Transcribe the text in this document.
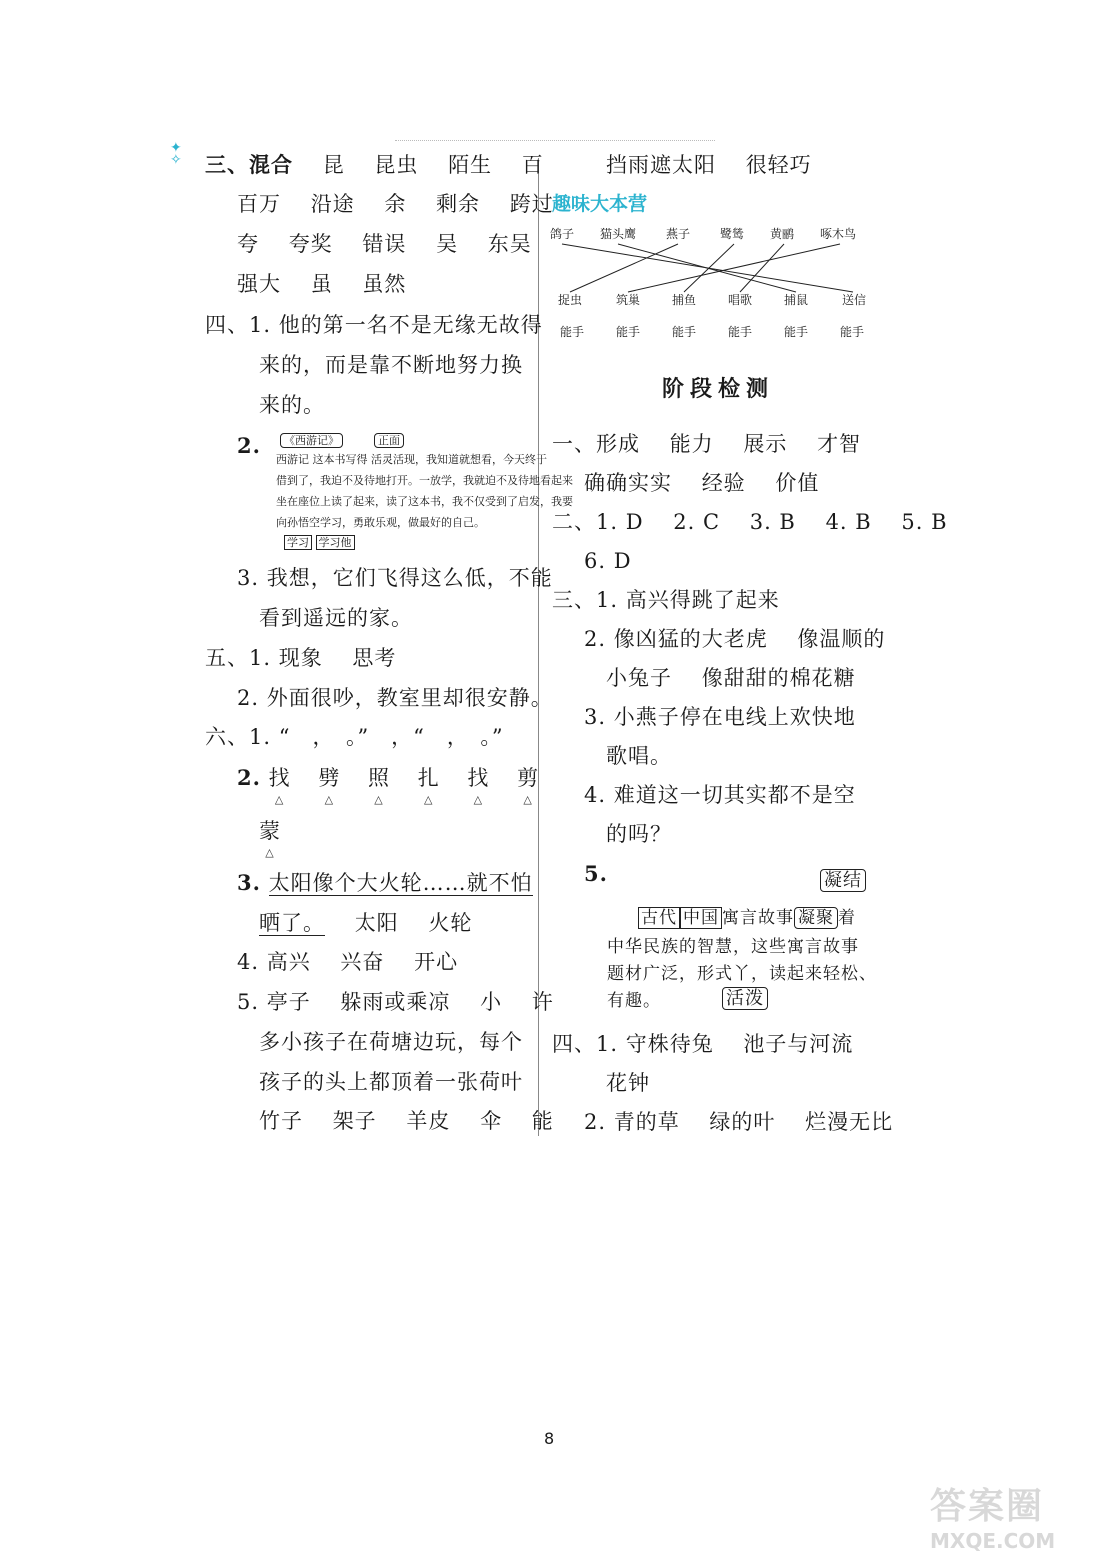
✦
✧ 三、混合 昆 昆虫 陌生 百
百万 沿途 余 剩余 跨过
夸 夸奖 错误 吴 东吴
强大 虽 虽然
四、1. 他的第一名不是无缘无故得
来的，而是靠不断地努力换
来的。
2.	《西游记》	正面
西游记 这本书写得 活灵活现，我知道就想看，今天终于
借到了，我迫不及待地打开。一放学，我就迫不及待地看起来
坐在座位上读了起来，读了这本书，我不仅受到了启发，我要
向孙悟空学习，勇敢乐观，做最好的自己。
学习 学习他
3. 我想，它们飞得这么低，不能
看到遥远的家。
五、1. 现象 思考
2. 外面很吵，教室里却很安静。
六、1. “　，　。”　，“　，　。”
2. 找 △ 劈 △ 照 △ 扎 △ 找 △ 剪 △
蒙 △
3. 太阳像个大火轮……就不怕
晒了。 太阳 火轮
4. 高兴 兴奋 开心
5. 亭子 躲雨或乘凉 小 许
多小孩子在荷塘边玩，每个
孩子的头上都顶着一张荷叶
竹子 架子 羊皮 伞 能
挡雨遮太阳 很轻巧
趣味大本营
鸽子 猫头鹰 燕子 鹭鸶 黄鹂 啄木鸟
捉虫	筑巢	捕鱼	唱歌	捕鼠	送信
能手	能手	能手	能手	能手	能手
阶段检测
一、形成 能力 展示 才智
确确实实 经验 价值
二、1. D 2. C 3. B 4. B 5. B
6. D
三、1. 高兴得跳了起来
2. 像凶猛的大老虎 像温顺的
小兔子 像甜甜的棉花糖
3. 小燕子停在电线上欢快地
歌唱。
4. 难道这一切其实都不是空
的吗？
5.	凝结
古代 中国 寓言故事 凝聚 着
中华民族的智慧，这些寓言故事
题材广泛，形式丫，读起来轻松、
有趣。	活泼
四、1. 守株待兔 池子与河流
花钟
2. 青的草 绿的叶 烂漫无比
8
答案圈
MXQE.COM
